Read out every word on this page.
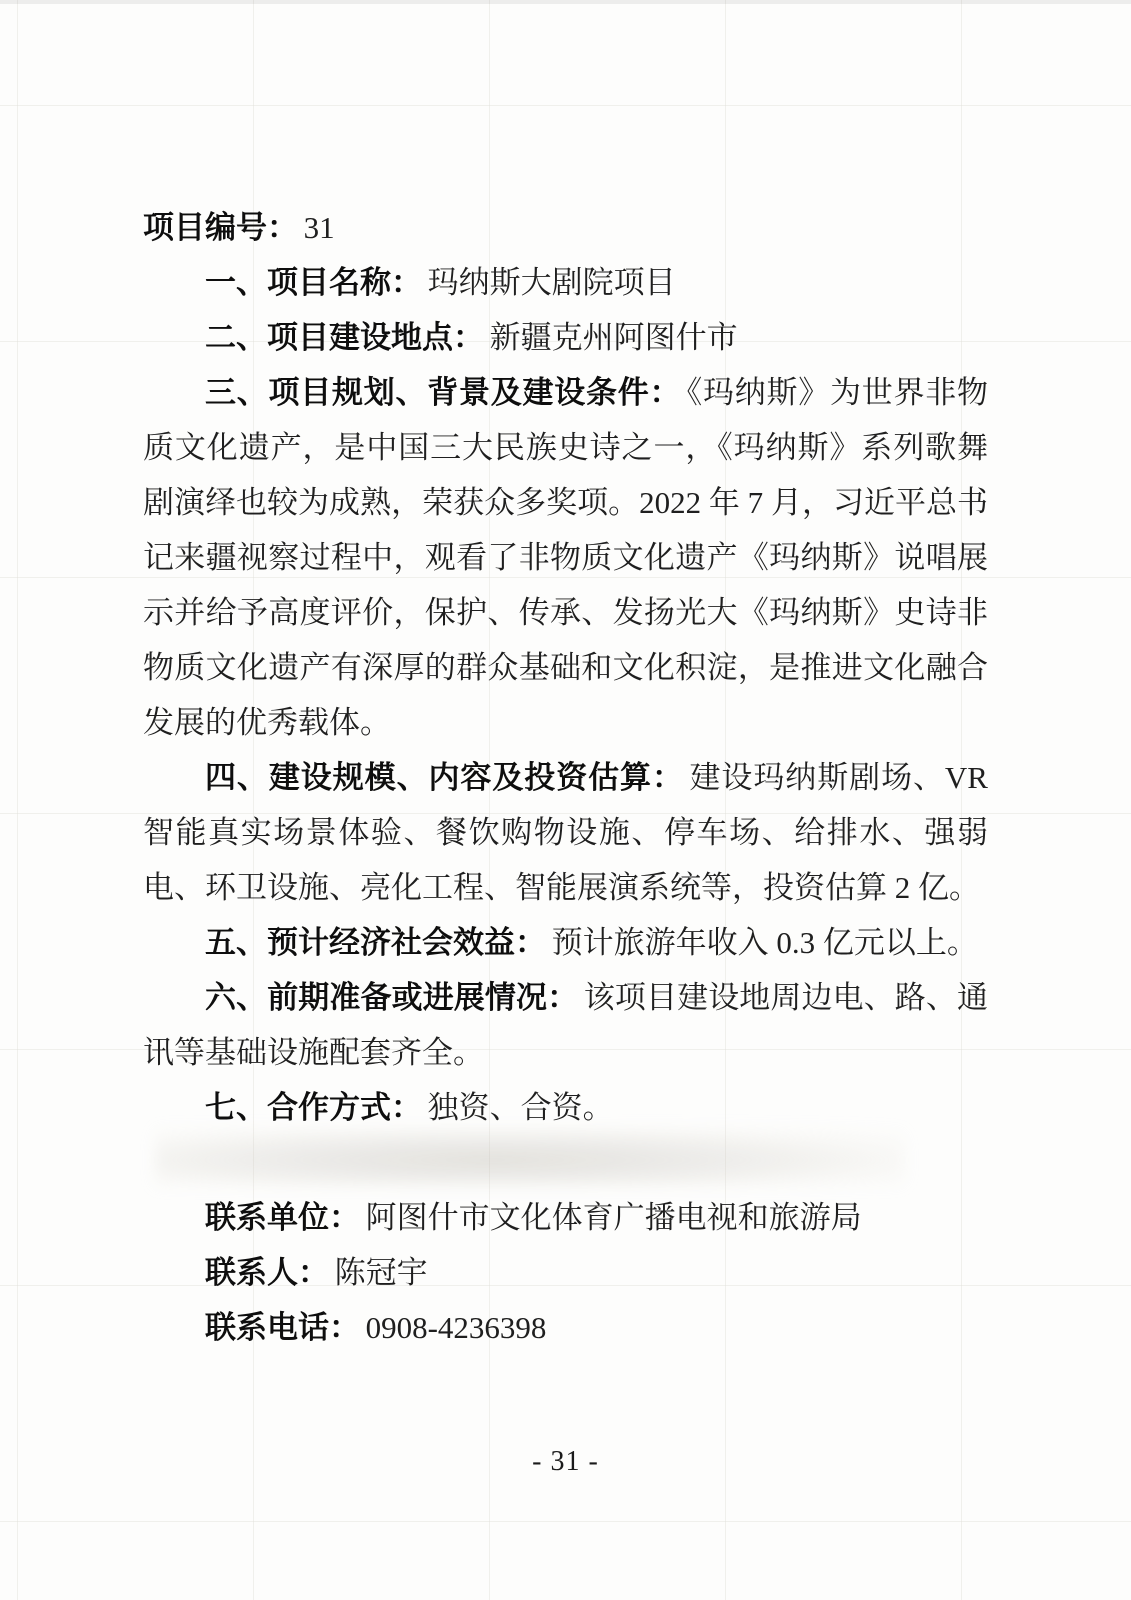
项目编号： 31

一、项目名称： 玛纳斯大剧院项目

二、项目建设地点： 新疆克州阿图什市

三、项目规划、背景及建设条件： 《玛纳斯》为世界非物质文化遗产，是中国三大民族史诗之一，《玛纳斯》系列歌舞剧演绎也较为成熟，荣获众多奖项。2022 年 7 月，习近平总书记来疆视察过程中，观看了非物质文化遗产《玛纳斯》说唱展示并给予高度评价，保护、传承、发扬光大《玛纳斯》史诗非物质文化遗产有深厚的群众基础和文化积淀，是推进文化融合发展的优秀载体。

四、建设规模、内容及投资估算： 建设玛纳斯剧场、VR 智能真实场景体验、餐饮购物设施、停车场、给排水、强弱电、环卫设施、亮化工程、智能展演系统等，投资估算 2 亿。

五、预计经济社会效益： 预计旅游年收入 0.3 亿元以上。

六、前期准备或进展情况： 该项目建设地周边电、路、通讯等基础设施配套齐全。

七、合作方式： 独资、合资。

联系单位： 阿图什市文化体育广播电视和旅游局

联系人： 陈冠宇

联系电话： 0908-4236398

- 31 -
